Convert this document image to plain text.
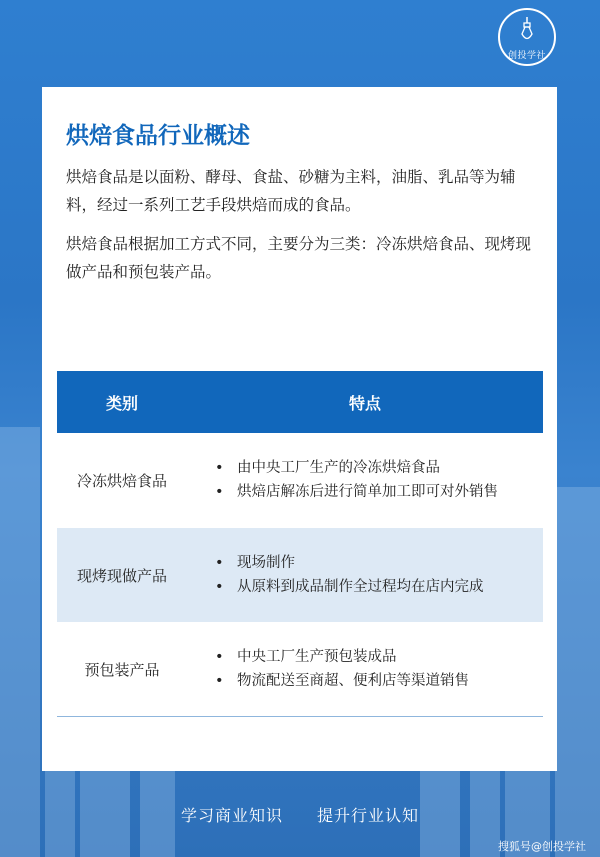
创投学社
烘焙食品行业概述

烘焙食品是以面粉、酵母、食盐、砂糖为主料，油脂、乳品等为辅料，经过一系列工艺手段烘焙而成的食品。

烘焙食品根据加工方式不同，主要分为三类：冷冻烘焙食品、现烤现做产品和预包装产品。

类别	特点
冷冻烘焙食品
• 由中央工厂生产的冷冻烘焙食品
• 烘焙店解冻后进行简单加工即可对外销售
现烤现做产品
• 现场制作
• 从原料到成品制作全过程均在店内完成
预包装产品
• 中央工厂生产预包装成品
• 物流配送至商超、便利店等渠道销售
学习商业知识 提升行业认知
搜狐号@创投学社
